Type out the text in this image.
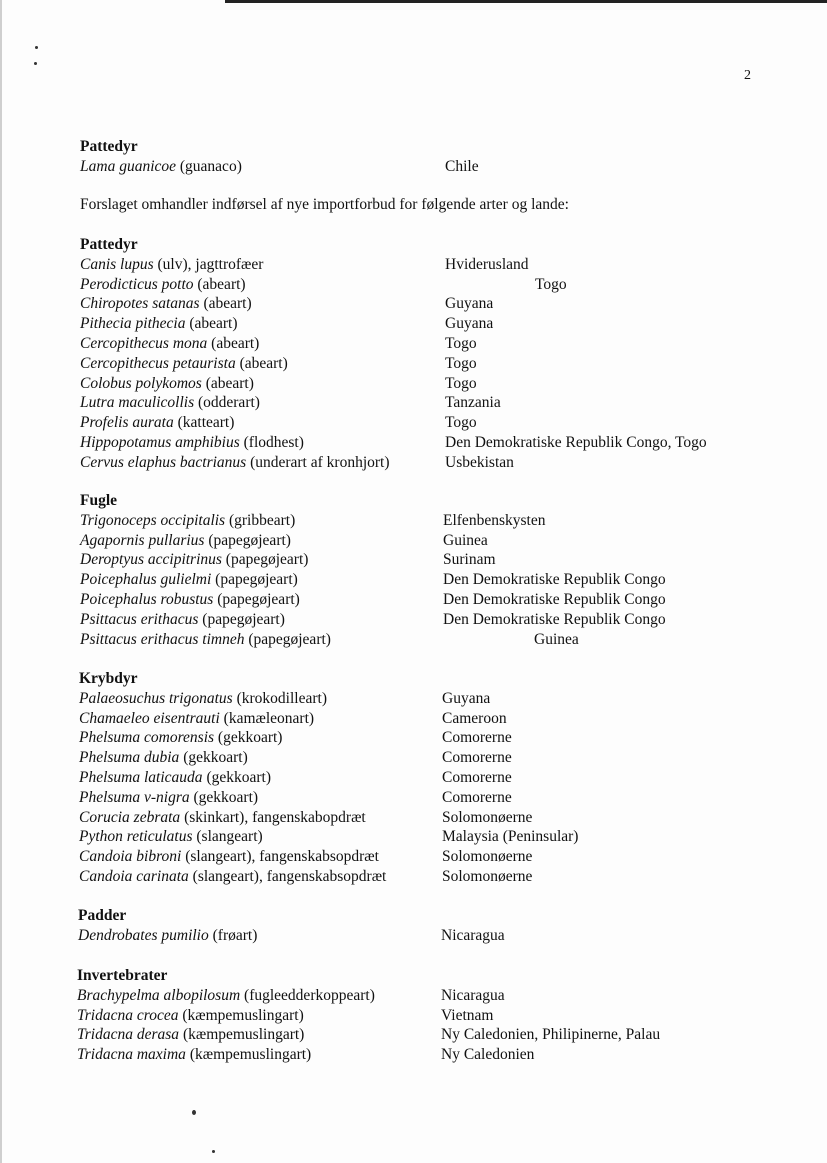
2
Pattedyr
Lama guanicoe (guanaco)	Chile
Forslaget omhandler indførsel af nye importforbud for følgende arter og lande:
Pattedyr
Canis lupus (ulv), jagttrofæer	Hviderusland
Perodicticus potto (abeart)	Togo
Chiropotes satanas (abeart)	Guyana
Pithecia pithecia (abeart)	Guyana
Cercopithecus mona (abeart)	Togo
Cercopithecus petaurista (abeart)	Togo
Colobus polykomos (abeart)	Togo
Lutra maculicollis (odderart)	Tanzania
Profelis aurata (katteart)	Togo
Hippopotamus amphibius (flodhest)	Den Demokratiske Republik Congo, Togo
Cervus elaphus bactrianus (underart af kronhjort)	Usbekistan
Fugle
Trigonoceps occipitalis (gribbeart)	Elfenbenskysten
Agapornis pullarius (papegøjeart)	Guinea
Deroptyus accipitrinus (papegøjeart)	Surinam
Poicephalus gulielmi (papegøjeart)	Den Demokratiske Republik Congo
Poicephalus robustus (papegøjeart)	Den Demokratiske Republik Congo
Psittacus erithacus (papegøjeart)	Den Demokratiske Republik Congo
Psittacus erithacus timneh (papegøjeart)	Guinea
Krybdyr
Palaeosuchus trigonatus (krokodilleart)	Guyana
Chamaeleo eisentrauti (kamæleonart)	Cameroon
Phelsuma comorensis (gekkoart)	Comorerne
Phelsuma dubia (gekkoart)	Comorerne
Phelsuma laticauda (gekkoart)	Comorerne
Phelsuma v-nigra (gekkoart)	Comorerne
Corucia zebrata (skinkart), fangenskabopdræt	Solomonøerne
Python reticulatus (slangeart)	Malaysia (Peninsular)
Candoia bibroni (slangeart), fangenskabsopdræt	Solomonøerne
Candoia carinata (slangeart), fangenskabsopdræt	Solomonøerne
Padder
Dendrobates pumilio (frøart)	Nicaragua
Invertebrater
Brachypelma albopilosum (fugleedderkoppeart)	Nicaragua
Tridacna crocea (kæmpemuslingart)	Vietnam
Tridacna derasa (kæmpemuslingart)	Ny Caledonien, Philipinerne, Palau
Tridacna maxima (kæmpemuslingart)	Ny Caledonien
